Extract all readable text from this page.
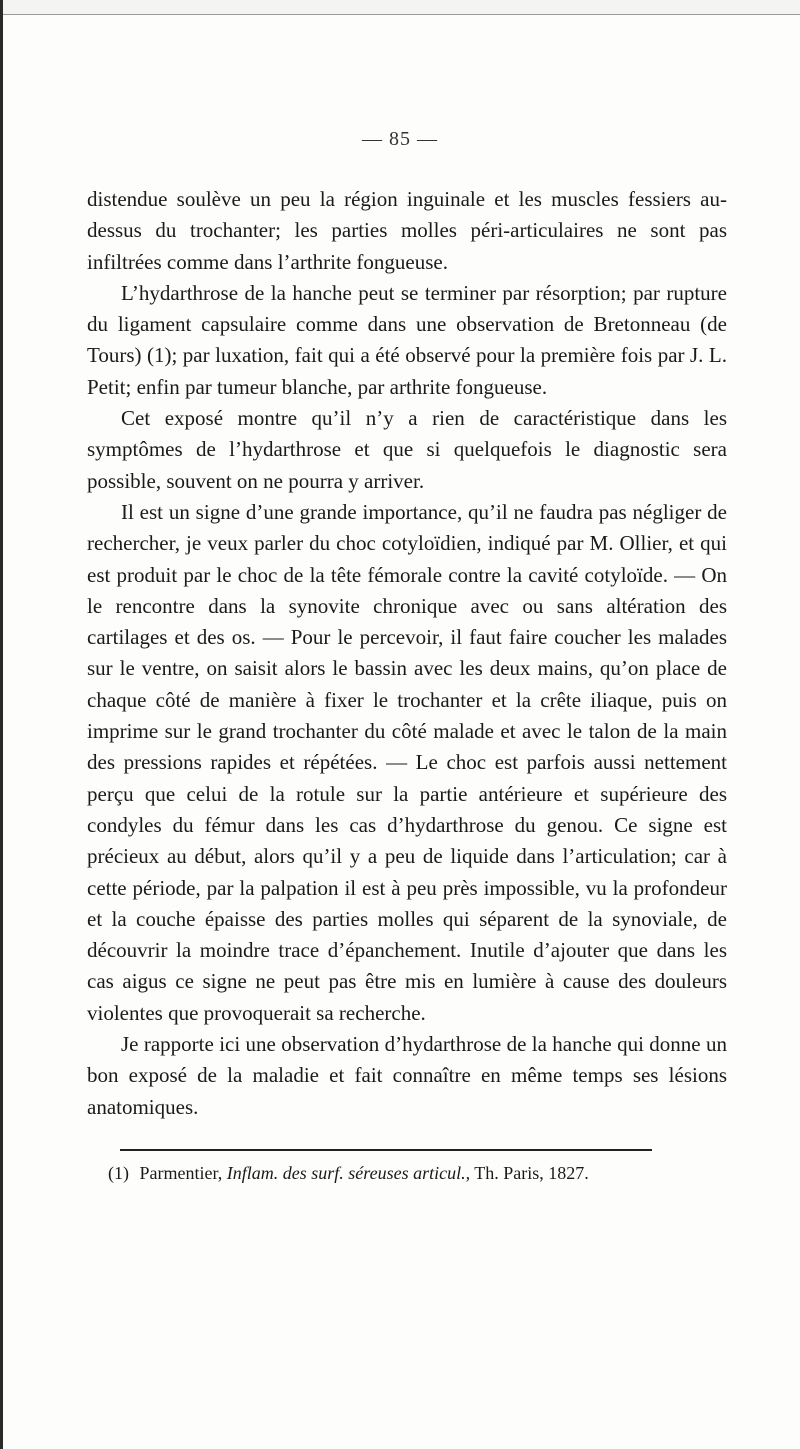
— 85 —

distendue soulève un peu la région inguinale et les muscles fessiers au-dessus du trochanter; les parties molles péri-articulaires ne sont pas infiltrées comme dans l’arthrite fongueuse.

L’hydarthrose de la hanche peut se terminer par résorption; par rupture du ligament capsulaire comme dans une observation de Bretonneau (de Tours) (1); par luxation, fait qui a été observé pour la première fois par J. L. Petit; enfin par tumeur blanche, par arthrite fongueuse.

Cet exposé montre qu’il n’y a rien de caractéristique dans les symptômes de l’hydarthrose et que si quelquefois le diagnostic sera possible, souvent on ne pourra y arriver.

Il est un signe d’une grande importance, qu’il ne faudra pas négliger de rechercher, je veux parler du choc cotyloïdien, indiqué par M. Ollier, et qui est produit par le choc de la tête fémorale contre la cavité cotyloïde. — On le rencontre dans la synovite chronique avec ou sans altération des cartilages et des os. — Pour le percevoir, il faut faire coucher les malades sur le ventre, on saisit alors le bassin avec les deux mains, qu’on place de chaque côté de manière à fixer le trochanter et la crête iliaque, puis on imprime sur le grand trochanter du côté malade et avec le talon de la main des pressions rapides et répétées. — Le choc est parfois aussi nettement perçu que celui de la rotule sur la partie antérieure et supérieure des condyles du fémur dans les cas d’hydarthrose du genou. Ce signe est précieux au début, alors qu’il y a peu de liquide dans l’articulation; car à cette période, par la palpation il est à peu près impossible, vu la profondeur et la couche épaisse des parties molles qui séparent de la synoviale, de découvrir la moindre trace d’épanchement. Inutile d’ajouter que dans les cas aigus ce signe ne peut pas être mis en lumière à cause des douleurs violentes que provoquerait sa recherche.

Je rapporte ici une observation d’hydarthrose de la hanche qui donne un bon exposé de la maladie et fait connaître en même temps ses lésions anatomiques.

(1) Parmentier, Inflam. des surf. séreuses articul., Th. Paris, 1827.
